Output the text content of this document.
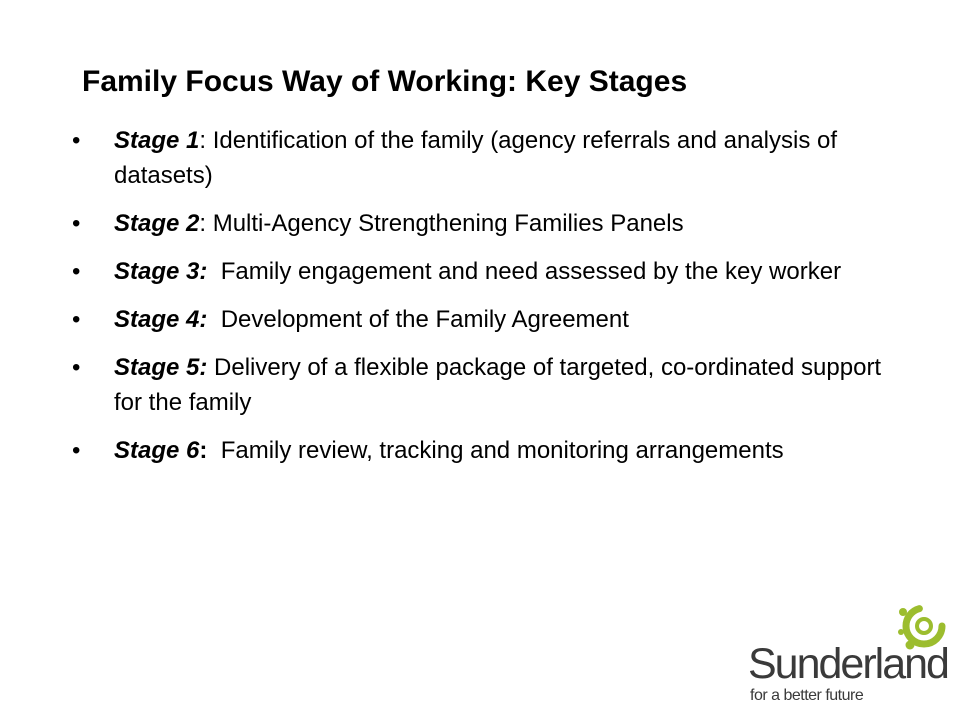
Family Focus Way of Working: Key Stages
• Stage 1: Identification of the family (agency referrals and analysis of datasets)
• Stage 2: Multi-Agency Strengthening Families Panels
• Stage 3:  Family engagement and need assessed by the key worker
• Stage 4:  Development of the Family Agreement
• Stage 5: Delivery of a flexible package of targeted, co-ordinated support for the family
• Stage 6:  Family review, tracking and monitoring arrangements
Sunderland
for a better future
